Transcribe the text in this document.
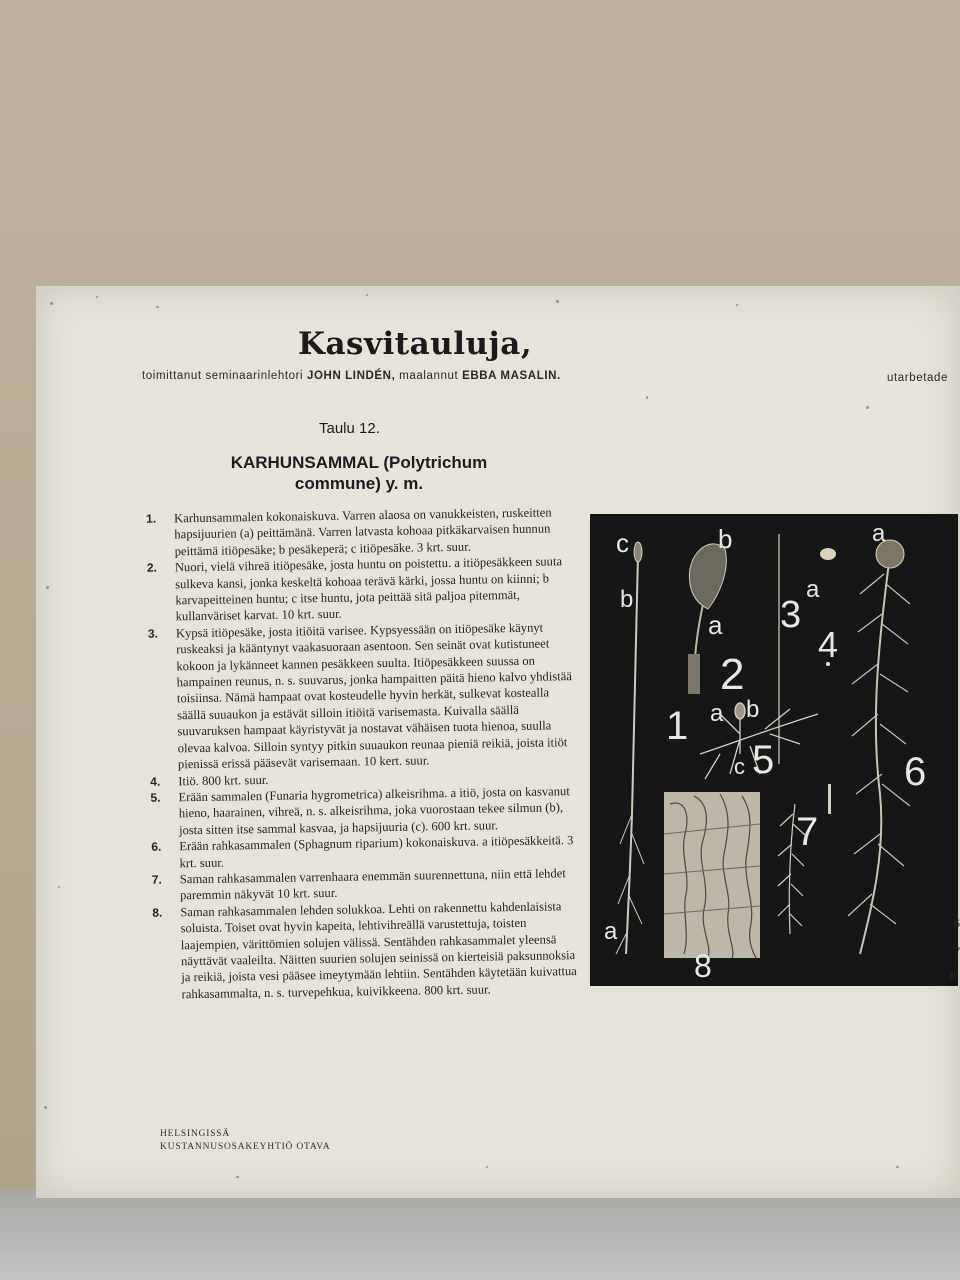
Kasvitauluja,
toimittanut seminaarinlehtori JOHN LINDÉN, maalannut EBBA MASALIN.	utarbetade
Taulu 12.
KARHUNSAMMAL (Polytrichum
commune) y. m.
1. Karhunsammalen kokonaiskuva. Varren alaosa on vanukkeisten, ruskeitten hapsijuurien (a) peittämänä. Varren latvasta kohoaa pitkäkarvaisen hunnun peittämä itiöpesäke; b pesäkeperä; c itiöpesäke. 3 krt. suur.
2. Nuori, vielä vihreä itiöpesäke, josta huntu on poistettu. a itiöpesäkkeen suuta sulkeva kansi, jonka keskeltä kohoaa terävä kärki, jossa huntu on kiinni; b karvapeitteinen huntu; c itse huntu, jota peittää sitä paljoa pitemmät, kullanväriset karvat. 10 krt. suur.
3. Kypsä itiöpesäke, josta itiöitä varisee. Kypsyessään on itiöpesäke käynyt ruskeaksi ja kääntynyt vaakasuoraan asentoon. Sen seinät ovat kutistuneet kokoon ja lykänneet kannen pesäkkeen suulta. Itiöpesäkkeen suussa on hampainen reunus, n. s. suuvarus, jonka hampaitten päitä hieno kalvo yhdistää toisiinsa. Nämä hampaat ovat kosteudelle hyvin herkät, sulkevat kostealla säällä suuaukon ja estävät silloin itiöitä varisemasta. Kuivalla säällä suuvaruksen hampaat käyristyvät ja nostavat vähäisen tuota hienoa, suulla olevaa kalvoa. Silloin syntyy pitkin suuaukon reunaa pieniä reikiä, joista itiöt pienissä erissä pääsevät varisemaan. 10 kert. suur.
4. Itiö. 800 krt. suur.
5. Erään sammalen (Funaria hygrometrica) alkeisrihma. a itiö, josta on kasvanut hieno, haarainen, vihreä, n. s. alkeisrihma, joka vuorostaan tekee silmun (b), josta sitten itse sammal kasvaa, ja hapsijuuria (c). 600 krt. suur.
6. Erään rahkasammalen (Sphagnum riparium) kokonaiskuva. a itiöpesäkkeitä. 3 krt. suur.
7. Saman rahkasammalen varrenhaara enemmän suurennettuna, niin että lehdet paremmin näkyvät 10 krt. suur.
8. Saman rahkasammalen lehden solukkoa. Lehti on rakennettu kahdenlaisista soluista. Toiset ovat hyvin kapeita, lehtivihreällä varustettuja, toisten laajempien, värittömien solujen välissä. Sentähden rahkasammalet yleensä näyttävät vaaleilta. Näitten suurien solujen seinissä on kierteisiä paksunnoksia ja reikiä, joista vesi pääsee imeytymään lehtiin. Sentähden käytetään kuivattua rahkasammalta, n. s. turvepehkua, kuivikkeena. 800 krt. suur.
HELSINGISSÄ
KUSTANNUSOSAKEYHTIÖ OTAVA
c	b	a
b	3
a
4
a
2
1 a b
c 5	6
7
a
8
6
7
8
